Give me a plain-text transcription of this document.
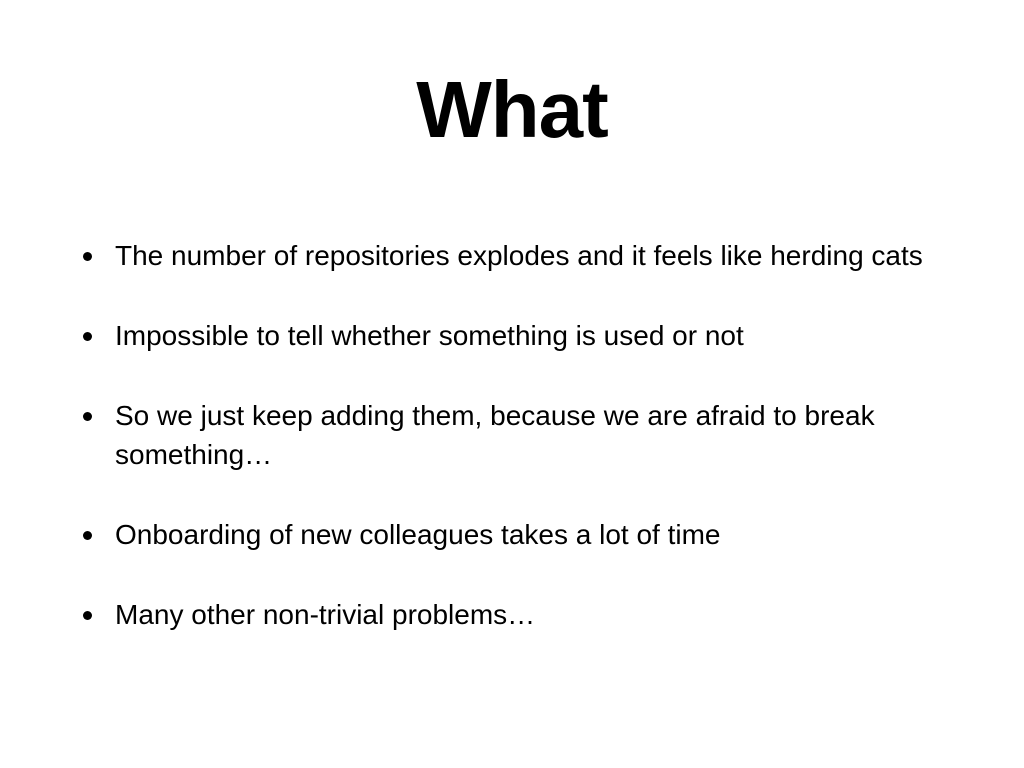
What
The number of repositories explodes and it feels like herding cats
Impossible to tell whether something is used or not
So we just keep adding them, because we are afraid to break something…
Onboarding of new colleagues takes a lot of time
Many other non-trivial problems…
